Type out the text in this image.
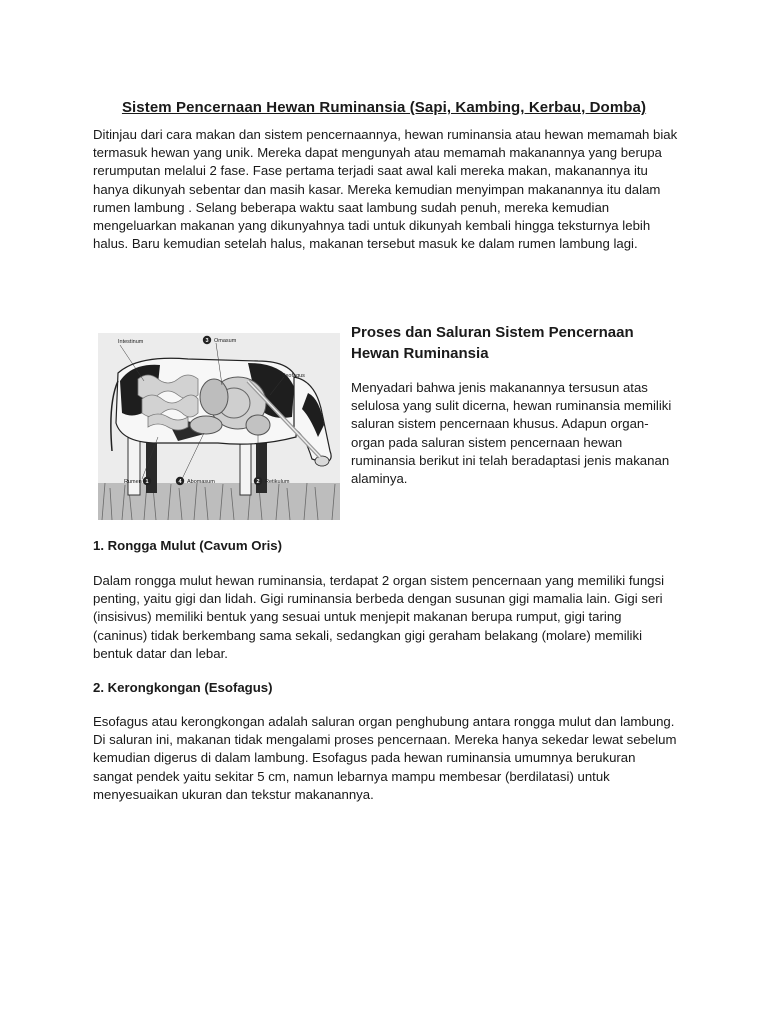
Sistem Pencernaan Hewan Ruminansia (Sapi, Kambing, Kerbau, Domba)

Ditinjau dari cara makan dan sistem pencernaannya, hewan ruminansia atau hewan memamah biak termasuk hewan yang unik. Mereka dapat mengunyah atau memamah makanannya yang berupa rerumputan melalui 2 fase. Fase pertama terjadi saat awal kali mereka makan, makanannya itu hanya dikunyah sebentar dan masih kasar. Mereka kemudian menyimpan makanannya itu dalam rumen lambung . Selang beberapa waktu saat lambung sudah penuh, mereka kemudian mengeluarkan makanan yang dikunyahnya tadi untuk dikunyah kembali hingga teksturnya lebih halus. Baru kemudian setelah halus, makanan tersebut masuk ke dalam rumen lambung lagi.

Intestinum	3 Omasum
Esofagus
Rumen 1	4 Abomasum	2 Retikulum
Proses dan Saluran Sistem Pencernaan Hewan Ruminansia

Menyadari bahwa jenis makanannya tersusun atas selulosa yang sulit dicerna, hewan ruminansia memiliki saluran sistem pencernaan khusus. Adapun organ-organ pada saluran sistem pencernaan hewan ruminansia berikut ini telah beradaptasi jenis makanan alaminya.

1. Rongga Mulut (Cavum Oris)

Dalam rongga mulut hewan ruminansia, terdapat 2 organ sistem pencernaan yang memiliki fungsi penting, yaitu gigi dan lidah. Gigi ruminansia berbeda dengan susunan gigi mamalia lain. Gigi seri (insisivus) memiliki bentuk yang sesuai untuk menjepit makanan berupa rumput, gigi taring (caninus) tidak berkembang sama sekali, sedangkan gigi geraham belakang (molare) memiliki bentuk datar dan lebar.

2. Kerongkongan (Esofagus)

Esofagus atau kerongkongan adalah saluran organ penghubung antara rongga mulut dan lambung. Di saluran ini, makanan tidak mengalami proses pencernaan. Mereka hanya sekedar lewat sebelum kemudian digerus di dalam lambung. Esofagus pada hewan ruminansia umumnya berukuran sangat pendek yaitu sekitar 5 cm, namun lebarnya mampu membesar (berdilatasi) untuk menyesuaikan ukuran dan tekstur makanannya.
